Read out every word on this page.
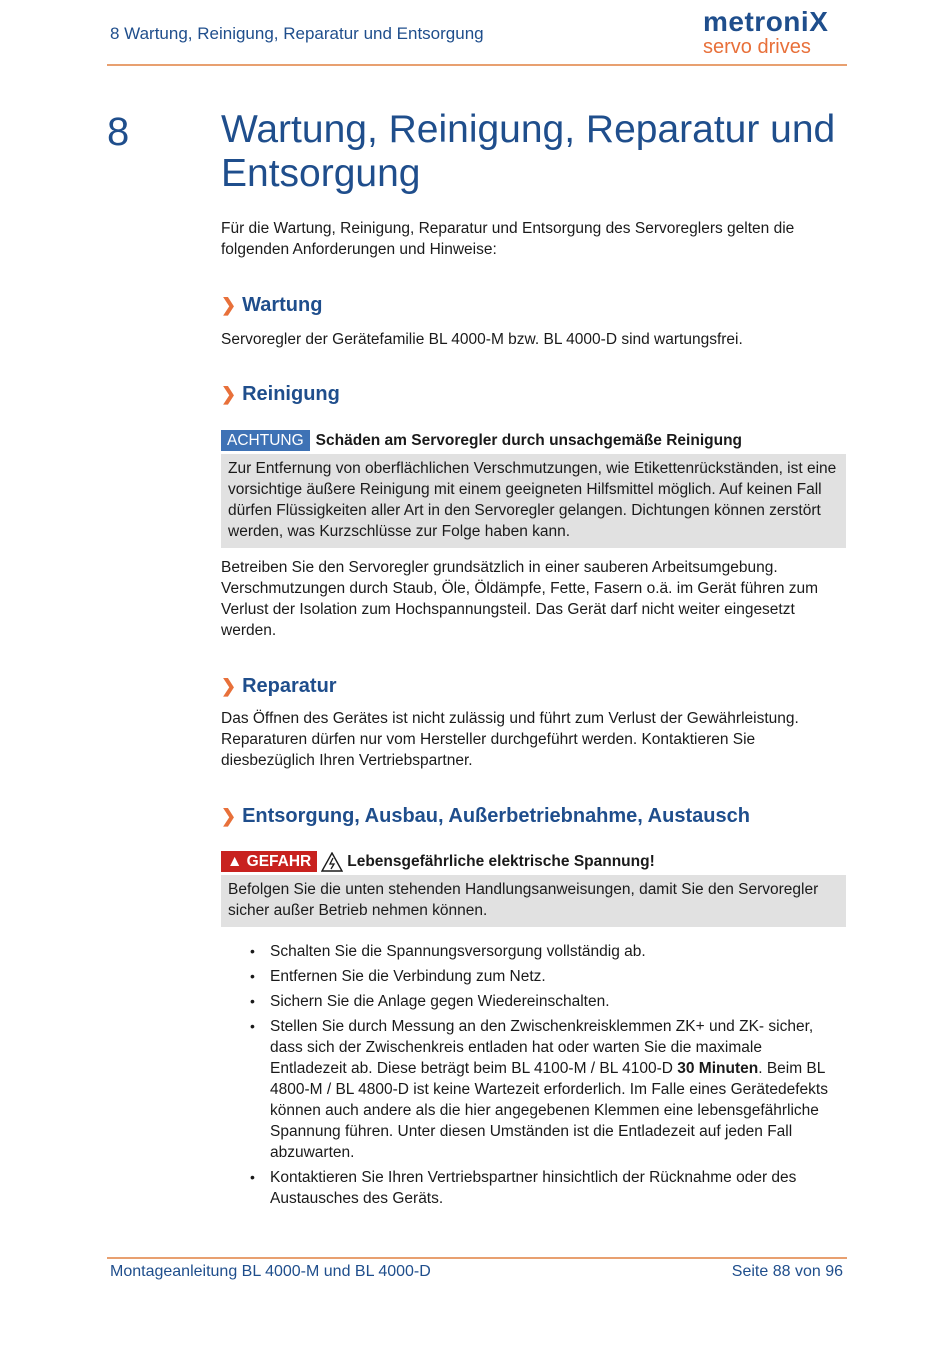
8 Wartung, Reinigung, Reparatur und Entsorgung	metroniX
servo drives
8 Wartung, Reinigung, Reparatur und Entsorgung
Für die Wartung, Reinigung, Reparatur und Entsorgung des Servoreglers gelten die folgenden Anforderungen und Hinweise:
❯ Wartung
Servoregler der Gerätefamilie BL 4000-M bzw. BL 4000-D sind wartungsfrei.
❯ Reinigung
ACHTUNG Schäden am Servoregler durch unsachgemäße Reinigung
Zur Entfernung von oberflächlichen Verschmutzungen, wie Etikettenrückständen, ist eine vorsichtige äußere Reinigung mit einem geeigneten Hilfsmittel möglich. Auf keinen Fall dürfen Flüssigkeiten aller Art in den Servoregler gelangen. Dichtungen können zerstört werden, was Kurzschlüsse zur Folge haben kann.
Betreiben Sie den Servoregler grundsätzlich in einer sauberen Arbeitsumgebung. Verschmutzungen durch Staub, Öle, Öldämpfe, Fette, Fasern o.ä. im Gerät führen zum Verlust der Isolation zum Hochspannungsteil. Das Gerät darf nicht weiter eingesetzt werden.
❯ Reparatur
Das Öffnen des Gerätes ist nicht zulässig und führt zum Verlust der Gewährleistung. Reparaturen dürfen nur vom Hersteller durchgeführt werden. Kontaktieren Sie diesbezüglich Ihren Vertriebspartner.
❯ Entsorgung, Ausbau, Außerbetriebnahme, Austausch
▲ GEFAHR	Lebensgefährliche elektrische Spannung!
Befolgen Sie die unten stehenden Handlungsanweisungen, damit Sie den Servoregler sicher außer Betrieb nehmen können.
• Schalten Sie die Spannungsversorgung vollständig ab.
• Entfernen Sie die Verbindung zum Netz.
• Sichern Sie die Anlage gegen Wiedereinschalten.
• Stellen Sie durch Messung an den Zwischenkreisklemmen ZK+ und ZK- sicher, dass sich der Zwischenkreis entladen hat oder warten Sie die maximale Entladezeit ab. Diese beträgt beim BL 4100-M / BL 4100-D 30 Minuten. Beim BL 4800-M / BL 4800-D ist keine Wartezeit erforderlich. Im Falle eines Gerätedefekts können auch andere als die hier angegebenen Klemmen eine lebensgefährliche Spannung führen. Unter diesen Umständen ist die Entladezeit auf jeden Fall abzuwarten.
• Kontaktieren Sie Ihren Vertriebspartner hinsichtlich der Rücknahme oder des Austausches des Geräts.
Montageanleitung BL 4000-M und BL 4000-D	Seite 88 von 96
